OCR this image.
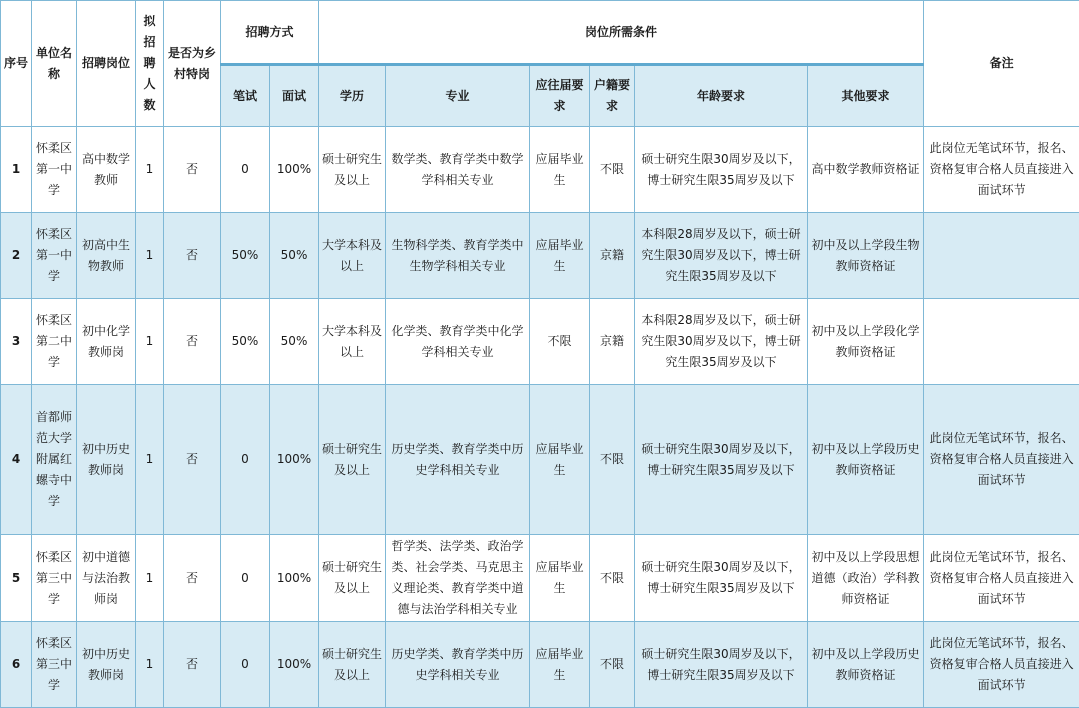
序号	单位名称	招聘岗位	拟招聘人数	是否为乡村特岗	招聘方式		岗位所需条件						备注
					笔试	面试	学历	专业	应往届要求	户籍要求	年龄要求	其他要求	
1	怀柔区第一中学	高中数学教师	1	否	0	100%	硕士研究生及以上	数学类、教育学类中数学学科相关专业	应届毕业生	不限	硕士研究生限30周岁及以下，博士研究生限35周岁及以下	高中数学教师资格证	此岗位无笔试环节，报名、资格复审合格人员直接进入面试环节
2	怀柔区第一中学	初高中生物教师	1	否	50%	50%	大学本科及以上	生物科学类、教育学类中生物学科相关专业	应届毕业生	京籍	本科限28周岁及以下，硕士研究生限30周岁及以下，博士研究生限35周岁及以下	初中及以上学段生物教师资格证	
3	怀柔区第二中学	初中化学教师岗	1	否	50%	50%	大学本科及以上	化学类、教育学类中化学学科相关专业	不限	京籍	本科限28周岁及以下，硕士研究生限30周岁及以下，博士研究生限35周岁及以下	初中及以上学段化学教师资格证	
4	首都师范大学附属红螺寺中学	初中历史教师岗	1	否	0	100%	硕士研究生及以上	历史学类、教育学类中历史学科相关专业	应届毕业生	不限	硕士研究生限30周岁及以下，博士研究生限35周岁及以下	初中及以上学段历史教师资格证	此岗位无笔试环节，报名、资格复审合格人员直接进入面试环节
5	怀柔区第三中学	初中道德与法治教师岗	1	否	0	100%	硕士研究生及以上	哲学类、法学类、政治学类、社会学类、马克思主义理论类、教育学类中道德与法治学科相关专业	应届毕业生	不限	硕士研究生限30周岁及以下，博士研究生限35周岁及以下	初中及以上学段思想道德（政治）学科教师资格证	此岗位无笔试环节，报名、资格复审合格人员直接进入面试环节
6	怀柔区第三中学	初中历史教师岗	1	否	0	100%	硕士研究生及以上	历史学类、教育学类中历史学科相关专业	应届毕业生	不限	硕士研究生限30周岁及以下，博士研究生限35周岁及以下	初中及以上学段历史教师资格证	此岗位无笔试环节，报名、资格复审合格人员直接进入面试环节
